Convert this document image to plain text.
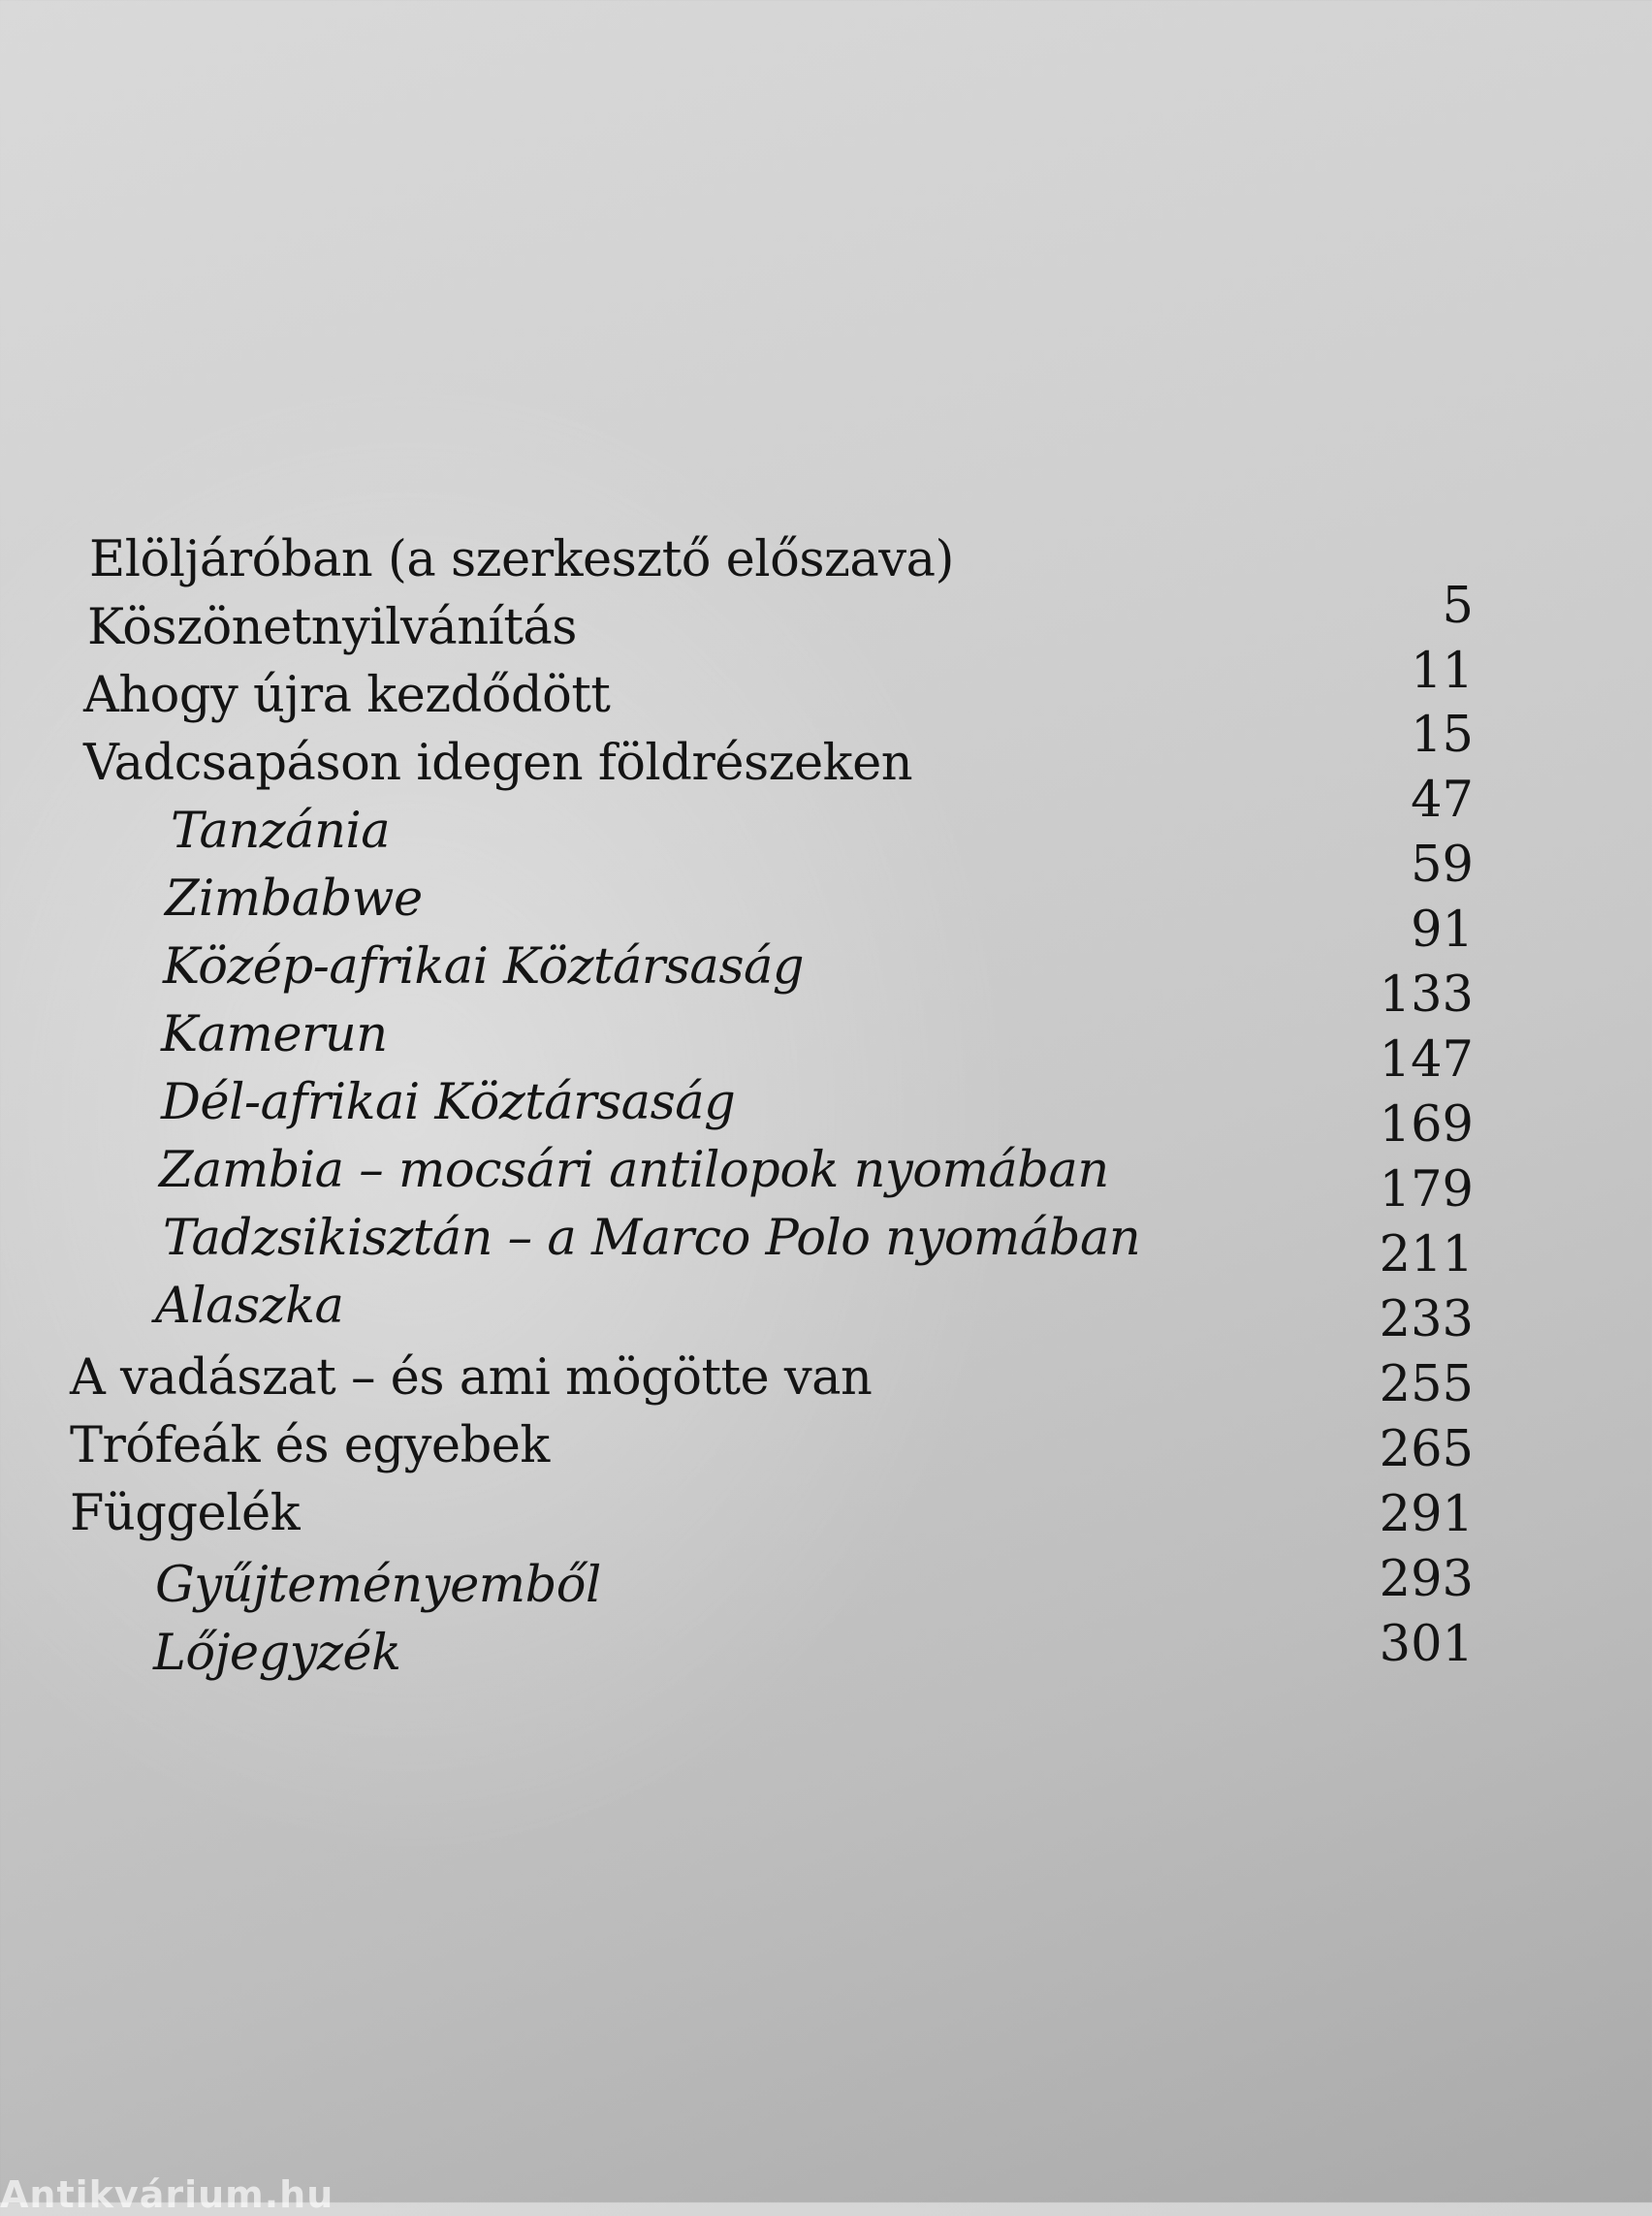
Elöljáróban (a szerkesztő előszava)
Köszönetnyilvánítás
Ahogy újra kezdődött
Vadcsapáson idegen földrészeken
Tanzánia
Zimbabwe
Közép-afrikai Köztársaság
Kamerun
Dél-afrikai Köztársaság
Zambia – mocsári antilopok nyomában
Tadzsikisztán – a Marco Polo nyomában
Alaszka
A vadászat – és ami mögötte van
Trófeák és egyebek
Függelék
Gyűjteményemből
Lőjegyzék
5
11
15
47
59
91
133
147
169
179
211
233
255
265
291
293
301
Antikvárium.hu
